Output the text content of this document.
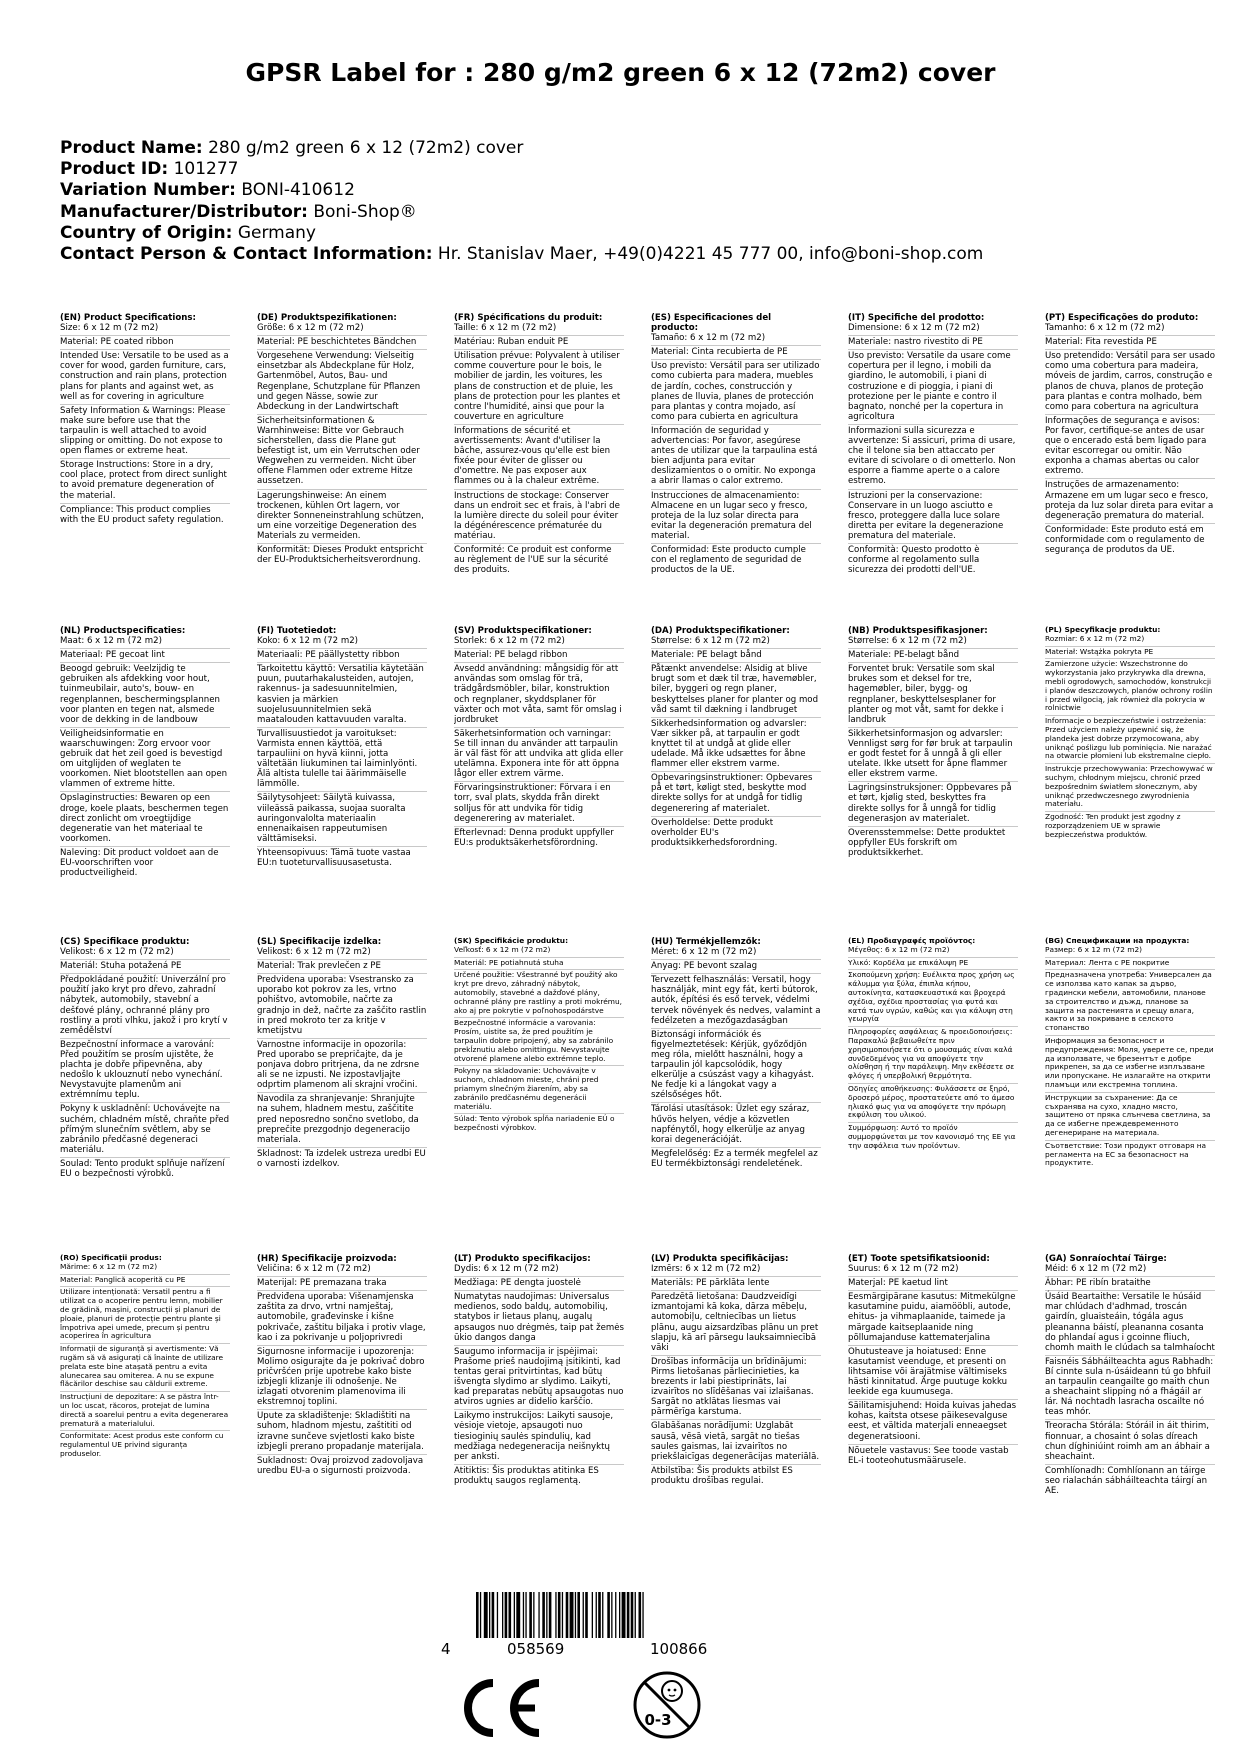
GPSR Label for : 280 g/m2 green 6 x 12 (72m2) cover
Product Name: 280 g/m2 green 6 x 12 (72m2) cover
Product ID: 101277
Variation Number: BONI-410612
Manufacturer/Distributor: Boni-Shop®
Country of Origin: Germany
Contact Person & Contact Information: Hr. Stanislav Maer, +49(0)4221 45 777 00, info@boni-shop.com

(EN) Product Specifications:

Size: 6 x 12 m (72 m2)

Material: PE coated ribbon

Intended Use: Versatile to be used as a cover for wood, garden furniture, cars, construction and rain plans, protection plans for plants and against wet, as well as for covering in agriculture

Safety Information & Warnings: Please make sure before use that the tarpaulin is well attached to avoid slipping or omitting. Do not expose to open flames or extreme heat.

Storage Instructions: Store in a dry, cool place, protect from direct sunlight to avoid premature degeneration of the material.

Compliance: This product complies with the EU product safety regulation.

(DE) Produktspezifikationen:

Größe: 6 x 12 m (72 m2)

Material: PE beschichtetes Bändchen

Vorgesehene Verwendung: Vielseitig einsetzbar als Abdeckplane für Holz, Gartenmöbel, Autos, Bau- und Regenplane, Schutzplane für Pflanzen und gegen Nässe, sowie zur Abdeckung in der Landwirtschaft

Sicherheitsinformationen & Warnhinweise: Bitte vor Gebrauch sicherstellen, dass die Plane gut befestigt ist, um ein Verrutschen oder Wegwehen zu vermeiden. Nicht über offene Flammen oder extreme Hitze aussetzen.

Lagerungshinweise: An einem trockenen, kühlen Ort lagern, vor direkter Sonneneinstrahlung schützen, um eine vorzeitige Degeneration des Materials zu vermeiden.

Konformität: Dieses Produkt entspricht der EU-Produktsicherheitsverordnung.

(FR) Spécifications du produit:

Taille: 6 x 12 m (72 m2)

Matériau: Ruban enduit PE

Utilisation prévue: Polyvalent à utiliser comme couverture pour le bois, le mobilier de jardin, les voitures, les plans de construction et de pluie, les plans de protection pour les plantes et contre l'humidité, ainsi que pour la couverture en agriculture

Informations de sécurité et avertissements: Avant d'utiliser la bâche, assurez-vous qu'elle est bien fixée pour éviter de glisser ou d'omettre. Ne pas exposer aux flammes ou à la chaleur extrême.

Instructions de stockage: Conserver dans un endroit sec et frais, à l'abri de la lumière directe du soleil pour éviter la dégénérescence prématurée du matériau.

Conformité: Ce produit est conforme au règlement de l'UE sur la sécurité des produits.

(ES) Especificaciones del producto:

Tamaño: 6 x 12 m (72 m2)

Material: Cinta recubierta de PE

Uso previsto: Versátil para ser utilizado como cubierta para madera, muebles de jardín, coches, construcción y planes de lluvia, planes de protección para plantas y contra mojado, así como para cubierta en agricultura

Información de seguridad y advertencias: Por favor, asegúrese antes de utilizar que la tarpaulina está bien adjunta para evitar deslizamientos o o omitir. No exponga a abrir llamas o calor extremo.

Instrucciones de almacenamiento: Almacene en un lugar seco y fresco, proteja de la luz solar directa para evitar la degeneración prematura del material.

Conformidad: Este producto cumple con el reglamento de seguridad de productos de la UE.

(IT) Specifiche del prodotto:

Dimensione: 6 x 12 m (72 m2)

Materiale: nastro rivestito di PE

Uso previsto: Versatile da usare come copertura per il legno, i mobili da giardino, le automobili, i piani di costruzione e di pioggia, i piani di protezione per le piante e contro il bagnato, nonché per la copertura in agricoltura

Informazioni sulla sicurezza e avvertenze: Si assicuri, prima di usare, che il telone sia ben attaccato per evitare di scivolare o di ometterlo. Non esporre a fiamme aperte o a calore estremo.

Istruzioni per la conservazione: Conservare in un luogo asciutto e fresco, proteggere dalla luce solare diretta per evitare la degenerazione prematura del materiale.

Conformità: Questo prodotto è conforme al regolamento sulla sicurezza dei prodotti dell'UE.

(PT) Especificações do produto:

Tamanho: 6 x 12 m (72 m2)

Material: Fita revestida PE

Uso pretendido: Versátil para ser usado como uma cobertura para madeira, móveis de jardim, carros, construção e planos de chuva, planos de proteção para plantas e contra molhado, bem como para cobertura na agricultura

Informações de segurança e avisos: Por favor, certifique-se antes de usar que o encerado está bem ligado para evitar escorregar ou omitir. Não exponha a chamas abertas ou calor extremo.

Instruções de armazenamento: Armazene em um lugar seco e fresco, proteja da luz solar direta para evitar a degeneração prematura do material.

Conformidade: Este produto está em conformidade com o regulamento de segurança de produtos da UE.

(NL) Productspecificaties:

Maat: 6 x 12 m (72 m2)

Materiaal: PE gecoat lint

Beoogd gebruik: Veelzijdig te gebruiken als afdekking voor hout, tuinmeubilair, auto's, bouw- en regenplannen, beschermingsplannen voor planten en tegen nat, alsmede voor de dekking in de landbouw

Veiligheidsinformatie en waarschuwingen: Zorg ervoor voor gebruik dat het zeil goed is bevestigd om uitglijden of weglaten te voorkomen. Niet blootstellen aan open vlammen of extreme hitte.

Opslaginstructies: Bewaren op een droge, koele plaats, beschermen tegen direct zonlicht om vroegtijdige degeneratie van het materiaal te voorkomen.

Naleving: Dit product voldoet aan de EU-voorschriften voor productveiligheid.

(FI) Tuotetiedot:

Koko: 6 x 12 m (72 m2)

Materiaali: PE päällystetty ribbon

Tarkoitettu käyttö: Versatilia käytetään puun, puutarhakalusteiden, autojen, rakennus- ja sadesuunnitelmien, kasvien ja märkien suojelusuunnitelmien sekä maatalouden kattavuuden varalta.

Turvallisuustiedot ja varoitukset: Varmista ennen käyttöä, että tarpauliini on hyvä kiinni, jotta vältetään liukuminen tai laiminlyönti. Älä altista tulelle tai äärimmäiselle lämmölle.

Säilytysohjeet: Säilytä kuivassa, viileässä paikassa, suojaa suoralta auringonvalolta materiaalin ennenaikaisen rappeutumisen välttämiseksi.

Yhteensopivuus: Tämä tuote vastaa EU:n tuoteturvallisuusasetusta.

(SV) Produktspecifikationer:

Storlek: 6 x 12 m (72 m2)

Material: PE belagd ribbon

Avsedd användning: mångsidig för att användas som omslag för trä, trädgårdsmöbler, bilar, konstruktion och regnplaner, skyddsplaner för växter och mot våta, samt för omslag i jordbruket

Säkerhetsinformation och varningar: Se till innan du använder att tarpaulin är väl fäst för att undvika att glida eller utelämna. Exponera inte för att öppna lågor eller extrem värme.

Förvaringsinstruktioner: Förvara i en torr, sval plats, skydda från direkt solljus för att undvika för tidig degenerering av materialet.

Efterlevnad: Denna produkt uppfyller EU:s produktsäkerhetsförordning.

(DA) Produktspecifikationer:

Størrelse: 6 x 12 m (72 m2)

Materiale: PE belagt bånd

Påtænkt anvendelse: Alsidig at blive brugt som et dæk til træ, havemøbler, biler, byggeri og regn planer, beskyttelses planer for planter og mod våd samt til dækning i landbruget

Sikkerhedsinformation og advarsler: Vær sikker på, at tarpaulin er godt knyttet til at undgå at glide eller udelade. Må ikke udsættes for åbne flammer eller ekstrem varme.

Opbevaringsinstruktioner: Opbevares på et tørt, køligt sted, beskytte mod direkte sollys for at undgå for tidlig degenerering af materialet.

Overholdelse: Dette produkt overholder EU's produktsikkerhedsforordning.

(NB) Produktspesifikasjoner:

Størrelse: 6 x 12 m (72 m2)

Materiale: PE-belagt bånd

Forventet bruk: Versatile som skal brukes som et deksel for tre, hagemøbler, biler, bygg- og regnplaner, beskyttelsesplaner for planter og mot våt, samt for dekke i landbruk

Sikkerhetsinformasjon og advarsler: Vennligst sørg for før bruk at tarpaulin er godt festet for å unngå å gli eller utelate. Ikke utsett for åpne flammer eller ekstrem varme.

Lagringsinstruksjoner: Oppbevares på et tørt, kjølig sted, beskyttes fra direkte sollys for å unngå for tidlig degenerasjon av materialet.

Overensstemmelse: Dette produktet oppfyller EUs forskrift om produktsikkerhet.

(PL) Specyfikacje produktu:

Rozmiar: 6 x 12 m (72 m2)

Materiał: Wstążka pokryta PE

Zamierzone użycie: Wszechstronne do wykorzystania jako przykrywka dla drewna, mebli ogrodowych, samochodów, konstrukcji i planów deszczowych, planów ochrony roślin i przed wilgocią, jak również dla pokrycia w rolnictwie

Informacje o bezpieczeństwie i ostrzeżenia: Przed użyciem należy upewnić się, że plandeka jest dobrze przymocowana, aby uniknąć poślizgu lub pominięcia. Nie narażać na otwarcie płomieni lub ekstremalne ciepło.

Instrukcje przechowywania: Przechowywać w suchym, chłodnym miejscu, chronić przed bezpośrednim światłem słonecznym, aby uniknąć przedwczesnego zwyrodnienia materiału.

Zgodność: Ten produkt jest zgodny z rozporządzeniem UE w sprawie bezpieczeństwa produktów.

(CS) Specifikace produktu:

Velikost: 6 x 12 m (72 m2)

Materiál: Stuha potažená PE

Předpokládané použití: Univerzální pro použití jako kryt pro dřevo, zahradní nábytek, automobily, stavební a dešťové plány, ochranné plány pro rostliny a proti vlhku, jakož i pro krytí v zemědělství

Bezpečnostní informace a varování: Před použitím se prosím ujistěte, že plachta je dobře připevněna, aby nedošlo k uklouznutí nebo vynechání. Nevystavujte plamenům ani extrémnímu teplu.

Pokyny k uskladnění: Uchovávejte na suchém, chladném místě, chraňte před přímým slunečním světlem, aby se zabránilo předčasné degeneraci materiálu.

Soulad: Tento produkt splňuje nařízení EU o bezpečnosti výrobků.

(SL) Specifikacije izdelka:

Velikost: 6 x 12 m (72 m2)

Material: Trak prevlečen z PE

Predvidena uporaba: Vsestransko za uporabo kot pokrov za les, vrtno pohištvo, avtomobile, načrte za gradnjo in dež, načrte za zaščito rastlin in pred mokroto ter za kritje v kmetijstvu

Varnostne informacije in opozorila: Pred uporabo se prepričajte, da je ponjava dobro pritrjena, da ne zdrsne ali se ne izpusti. Ne izpostavljajte odprtim plamenom ali skrajni vročini.

Navodila za shranjevanje: Shranjujte na suhem, hladnem mestu, zaščitite pred neposredno sončno svetlobo, da preprečite prezgodnjo degeneracijo materiala.

Skladnost: Ta izdelek ustreza uredbi EU o varnosti izdelkov.

(SK) Špecifikácie produktu:

Veľkosť: 6 x 12 m (72 m2)

Materiál: PE potiahnutá stuha

Určené použitie: Všestranné byť použitý ako kryt pre drevo, záhradný nábytok, automobily, stavebné a dažďové plány, ochranné plány pre rastliny a proti mokrému, ako aj pre pokrytie v poľnohospodárstve

Bezpečnostné informácie a varovania: Prosím, uistite sa, že pred použitím je tarpaulin dobre pripojený, aby sa zabránilo prekĺznutiu alebo omittingu. Nevystavujte otvorené plamene alebo extrémne teplo.

Pokyny na skladovanie: Uchovávajte v suchom, chladnom mieste, chráni pred priamym slnečným žiarením, aby sa zabránilo predčasnému degenerácii materiálu.

Súlad: Tento výrobok spĺňa nariadenie EÚ o bezpečnosti výrobkov.

(HU) Termékjellemzők:

Méret: 6 x 12 m (72 m2)

Anyag: PE bevont szalag

Tervezett felhasználás: Versatil, hogy használják, mint egy fát, kerti bútorok, autók, építési és eső tervek, védelmi tervek növények és nedves, valamint a fedélzeten a mezőgazdaságban

Biztonsági információk és figyelmeztetések: Kérjük, győződjön meg róla, mielőtt használni, hogy a tarpaulin jól kapcsolódik, hogy elkerülje a csúszást vagy a kihagyást. Ne fedje ki a lángokat vagy a szélsőséges hőt.

Tárolási utasítások: Üzlet egy száraz, hűvös helyen, védje a közvetlen napfénytől, hogy elkerülje az anyag korai degenerációját.

Megfelelőség: Ez a termék megfelel az EU termékbiztonsági rendeletének.

(EL) Προδιαγραφές προϊόντος:

Μέγεθος: 6 x 12 m (72 m2)

Υλικό: Κορδέλα με επικάλυψη PE

Σκοπούμενη χρήση: Ευέλικτα προς χρήση ως κάλυμμα για ξύλα, έπιπλα κήπου, αυτοκίνητα, κατασκευαστικά και βροχερά σχέδια, σχέδια προστασίας για φυτά και κατά των υγρών, καθώς και για κάλυψη στη γεωργία

Πληροφορίες ασφάλειας & προειδοποιήσεις: Παρακαλώ βεβαιωθείτε πριν χρησιμοποιήσετε ότι ο μουσαμάς είναι καλά συνδεδεμένος για να αποφύγετε την ολίσθηση ή την παράλειψη. Μην εκθέσετε σε φλόγες ή υπερβολική θερμότητα.

Οδηγίες αποθήκευσης: Φυλάσσετε σε ξηρό, δροσερό μέρος, προστατεύετε από το άμεσο ηλιακό φως για να αποφύγετε την πρόωρη εκφύλιση του υλικού.

Συμμόρφωση: Αυτό το προϊόν συμμορφώνεται με τον κανονισμό της ΕΕ για την ασφάλεια των προϊόντων.

(BG) Спецификации на продукта:

Размер: 6 x 12 m (72 m2)

Материал: Лента с PE покритие

Предназначена употреба: Универсален да се използва като капак за дърво, градински мебели, автомобили, планове за строителство и дъжд, планове за защита на растенията и срещу влага, както и за покриване в селското стопанство

Информация за безопасност и предупреждения: Моля, уверете се, преди да използвате, че брезентът е добре прикрепен, за да се избегне изплъзване или пропускане. Не излагайте на открити пламъци или екстремна топлина.

Инструкции за съхранение: Да се съхранява на сухо, хладно място, защитено от пряка слънчева светлина, за да се избегне преждевременното дегенериране на материала.

Съответствие: Този продукт отговаря на регламента на ЕС за безопасност на продуктите.

(RO) Specificații produs:

Mărime: 6 x 12 m (72 m2)

Material: Panglică acoperită cu PE

Utilizare intenționată: Versatil pentru a fi utilizat ca o acoperire pentru lemn, mobilier de grădină, mașini, construcții și planuri de ploaie, planuri de protecție pentru plante și împotriva apei umede, precum și pentru acoperirea în agricultura

Informații de siguranță și avertismente: Vă rugăm să vă asigurați că înainte de utilizare prelata este bine atașată pentru a evita alunecarea sau omiterea. A nu se expune flăcărilor deschise sau căldurii extreme.

Instrucțiuni de depozitare: A se păstra într- un loc uscat, răcoros, protejat de lumina directă a soarelui pentru a evita degenerarea prematură a materialului.

Conformitate: Acest produs este conform cu regulamentul UE privind siguranța produselor.

(HR) Specifikacije proizvoda:

Veličina: 6 x 12 m (72 m2)

Materijal: PE premazana traka

Predviđena uporaba: Višenamjenska zaštita za drvo, vrtni namještaj, automobile, građevinske i kišne pokrivače, zaštitu biljaka i protiv vlage, kao i za pokrivanje u poljoprivredi

Sigurnosne informacije i upozorenja: Molimo osigurajte da je pokrivač dobro pričvršćen prije upotrebe kako biste izbjegli klizanje ili odnošenje. Ne izlagati otvorenim plamenovima ili ekstremnoj toplini.

Upute za skladištenje: Skladištiti na suhom, hladnom mjestu, zaštititi od izravne sunčeve svjetlosti kako biste izbjegli prerano propadanje materijala.

Sukladnost: Ovaj proizvod zadovoljava uredbu EU-a o sigurnosti proizvoda.

(LT) Produkto specifikacijos:

Dydis: 6 x 12 m (72 m2)

Medžiaga: PE dengta juostelė

Numatytas naudojimas: Universalus medienos, sodo baldų, automobilių, statybos ir lietaus planų, augalų apsaugos nuo drėgmės, taip pat žemės ūkio dangos danga

Saugumo informacija ir įspėjimai: Prašome prieš naudojimą įsitikinti, kad tentas gerai pritvirtintas, kad būtų išvengta slydimo ar slydimo. Laikyti, kad preparatas nebūtų apsaugotas nuo atviros ugnies ar didelio karščio.

Laikymo instrukcijos: Laikyti sausoje, vėsioje vietoje, apsaugoti nuo tiesioginių saulės spindulių, kad medžiaga nedegeneracija neišnyktų per anksti.

Atitiktis: Šis produktas atitinka ES produktų saugos reglamentą.

(LV) Produkta specifikācijas:

Izmērs: 6 x 12 m (72 m2)

Materiāls: PE pārklāta lente

Paredzētā lietošana: Daudzveidīgi izmantojami kā koka, dārza mēbeļu, automobiļu, celtniecības un lietus plānu, augu aizsardzības plānu un pret slapju, kā arī pārsegu lauksaimniecībā vāki

Drošības informācija un brīdinājumi: Pirms lietošanas pārliecinieties, ka brezents ir labi piestiprināts, lai izvairītos no slīdēšanas vai izlaišanas. Sargāt no atklātas liesmas vai pārmērīga karstuma.

Glabāšanas norādījumi: Uzglabāt sausā, vēsā vietā, sargāt no tiešas saules gaismas, lai izvairītos no priekšlaicīgas degenerācijas materiālā.

Atbilstība: Šis produkts atbilst ES produktu drošības regulai.

(ET) Toote spetsifikatsioonid:

Suurus: 6 x 12 m (72 m2)

Materjal: PE kaetud lint

Eesmärgipärane kasutus: Mitmekülgne kasutamine puidu, aiamööbli, autode, ehitus- ja vihmaplaanide, taimede ja märgade kaitseplaanide ning põllumajanduse kattematerjalina

Ohutusteave ja hoiatused: Enne kasutamist veenduge, et presenti on lihtsamise või ärajätmise vältimiseks hästi kinnitatud. Ärge puutuge kokku leekide ega kuumusega.

Säilitamisjuhend: Hoida kuivas jahedas kohas, kaitsta otsese päikesevalguse eest, et vältida materjali enneaegset degeneratsiooni.

Nõuetele vastavus: See toode vastab EL-i tooteohutusmäärusele.

(GA) Sonraíochtaí Táirge:

Méid: 6 x 12 m (72 m2)

Ábhar: PE ribín brataithe

Úsáid Beartaithe: Versatile le húsáid mar chlúdach d'adhmad, troscán gairdín, gluaisteáin, tógála agus pleananna báistí, pleananna cosanta do phlandaí agus i gcoinne fliuch, chomh maith le clúdach sa talmhaíocht

Faisnéis Sábháilteachta agus Rabhadh: Bí cinnte sula n-úsáideann tú go bhfuil an tarpaulin ceangailte go maith chun a sheachaint slipping nó a fhágáil ar lár. Ná nochtadh lasracha oscailte nó teas mhór.

Treoracha Stórála: Stóráil in áit thirim, fionnuar, a chosaint ó solas díreach chun díghiniúint roimh am an ábhair a sheachaint.

Comhlíonadh: Comhlíonann an táirge seo rialachán sábháilteachta táirgí an AE.

4	058569	100866
0-3
